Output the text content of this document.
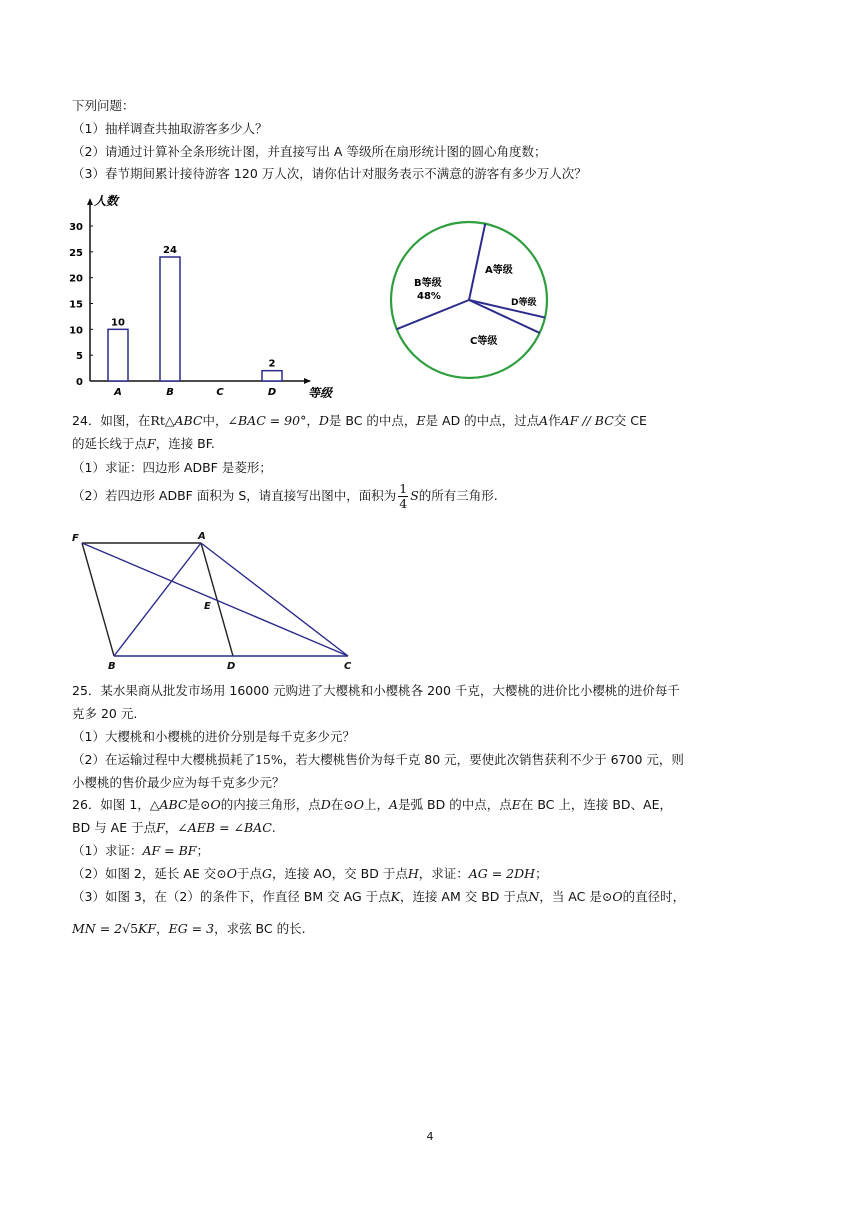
下列问题：
（1）抽样调查共抽取游客多少人？
（2）请通过计算补全条形统计图，并直接写出 A 等级所在扇形统计图的圆心角度数；
（3）春节期间累计接待游客 120 万人次，请你估计对服务表示不满意的游客有多少万人次？
人数
等级
0
5
10
15
20
25
30
A
10
B
24
C	D
2
A等级
B等级
48%
C等级
D等级
24．如图，在Rt△ABC中，∠BAC = 90°，D是 BC 的中点，E是 AD 的中点，过点A作AF // BC交 CE
的延长线于点F，连接 BF.
（1）求证：四边形 ADBF 是菱形；
（2）若四边形 ADBF 面积为 S，请直接写出图中，面积为 $\frac{1}{4}$ S的所有三角形.
F	A
E
B	D	C
25．某水果商从批发市场用 16000 元购进了大樱桃和小樱桃各 200 千克，大樱桃的进价比小樱桃的进价每千
克多 20 元.
（1）大樱桃和小樱桃的进价分别是每千克多少元？
（2）在运输过程中大樱桃损耗了15%，若大樱桃售价为每千克 80 元，要使此次销售获利不少于 6700 元，则
小樱桃的售价最少应为每千克多少元？
26．如图 1，△ABC是⊙O的内接三角形，点D在⊙O上，A是弧 BD 的中点，点E在 BC 上，连接 BD、AE，
BD 与 AE 于点F，∠AEB = ∠BAC.
（1）求证：AF = BF；
（2）如图 2，延长 AE 交⊙O于点G，连接 AO，交 BD 于点H，求证：AG = 2DH；
（3）如图 3，在（2）的条件下，作直径 BM 交 AG 于点K，连接 AM 交 BD 于点N，当 AC 是⊙O的直径时，
MN = 2√5KF，EG = 3，求弦 BC 的长.
4
